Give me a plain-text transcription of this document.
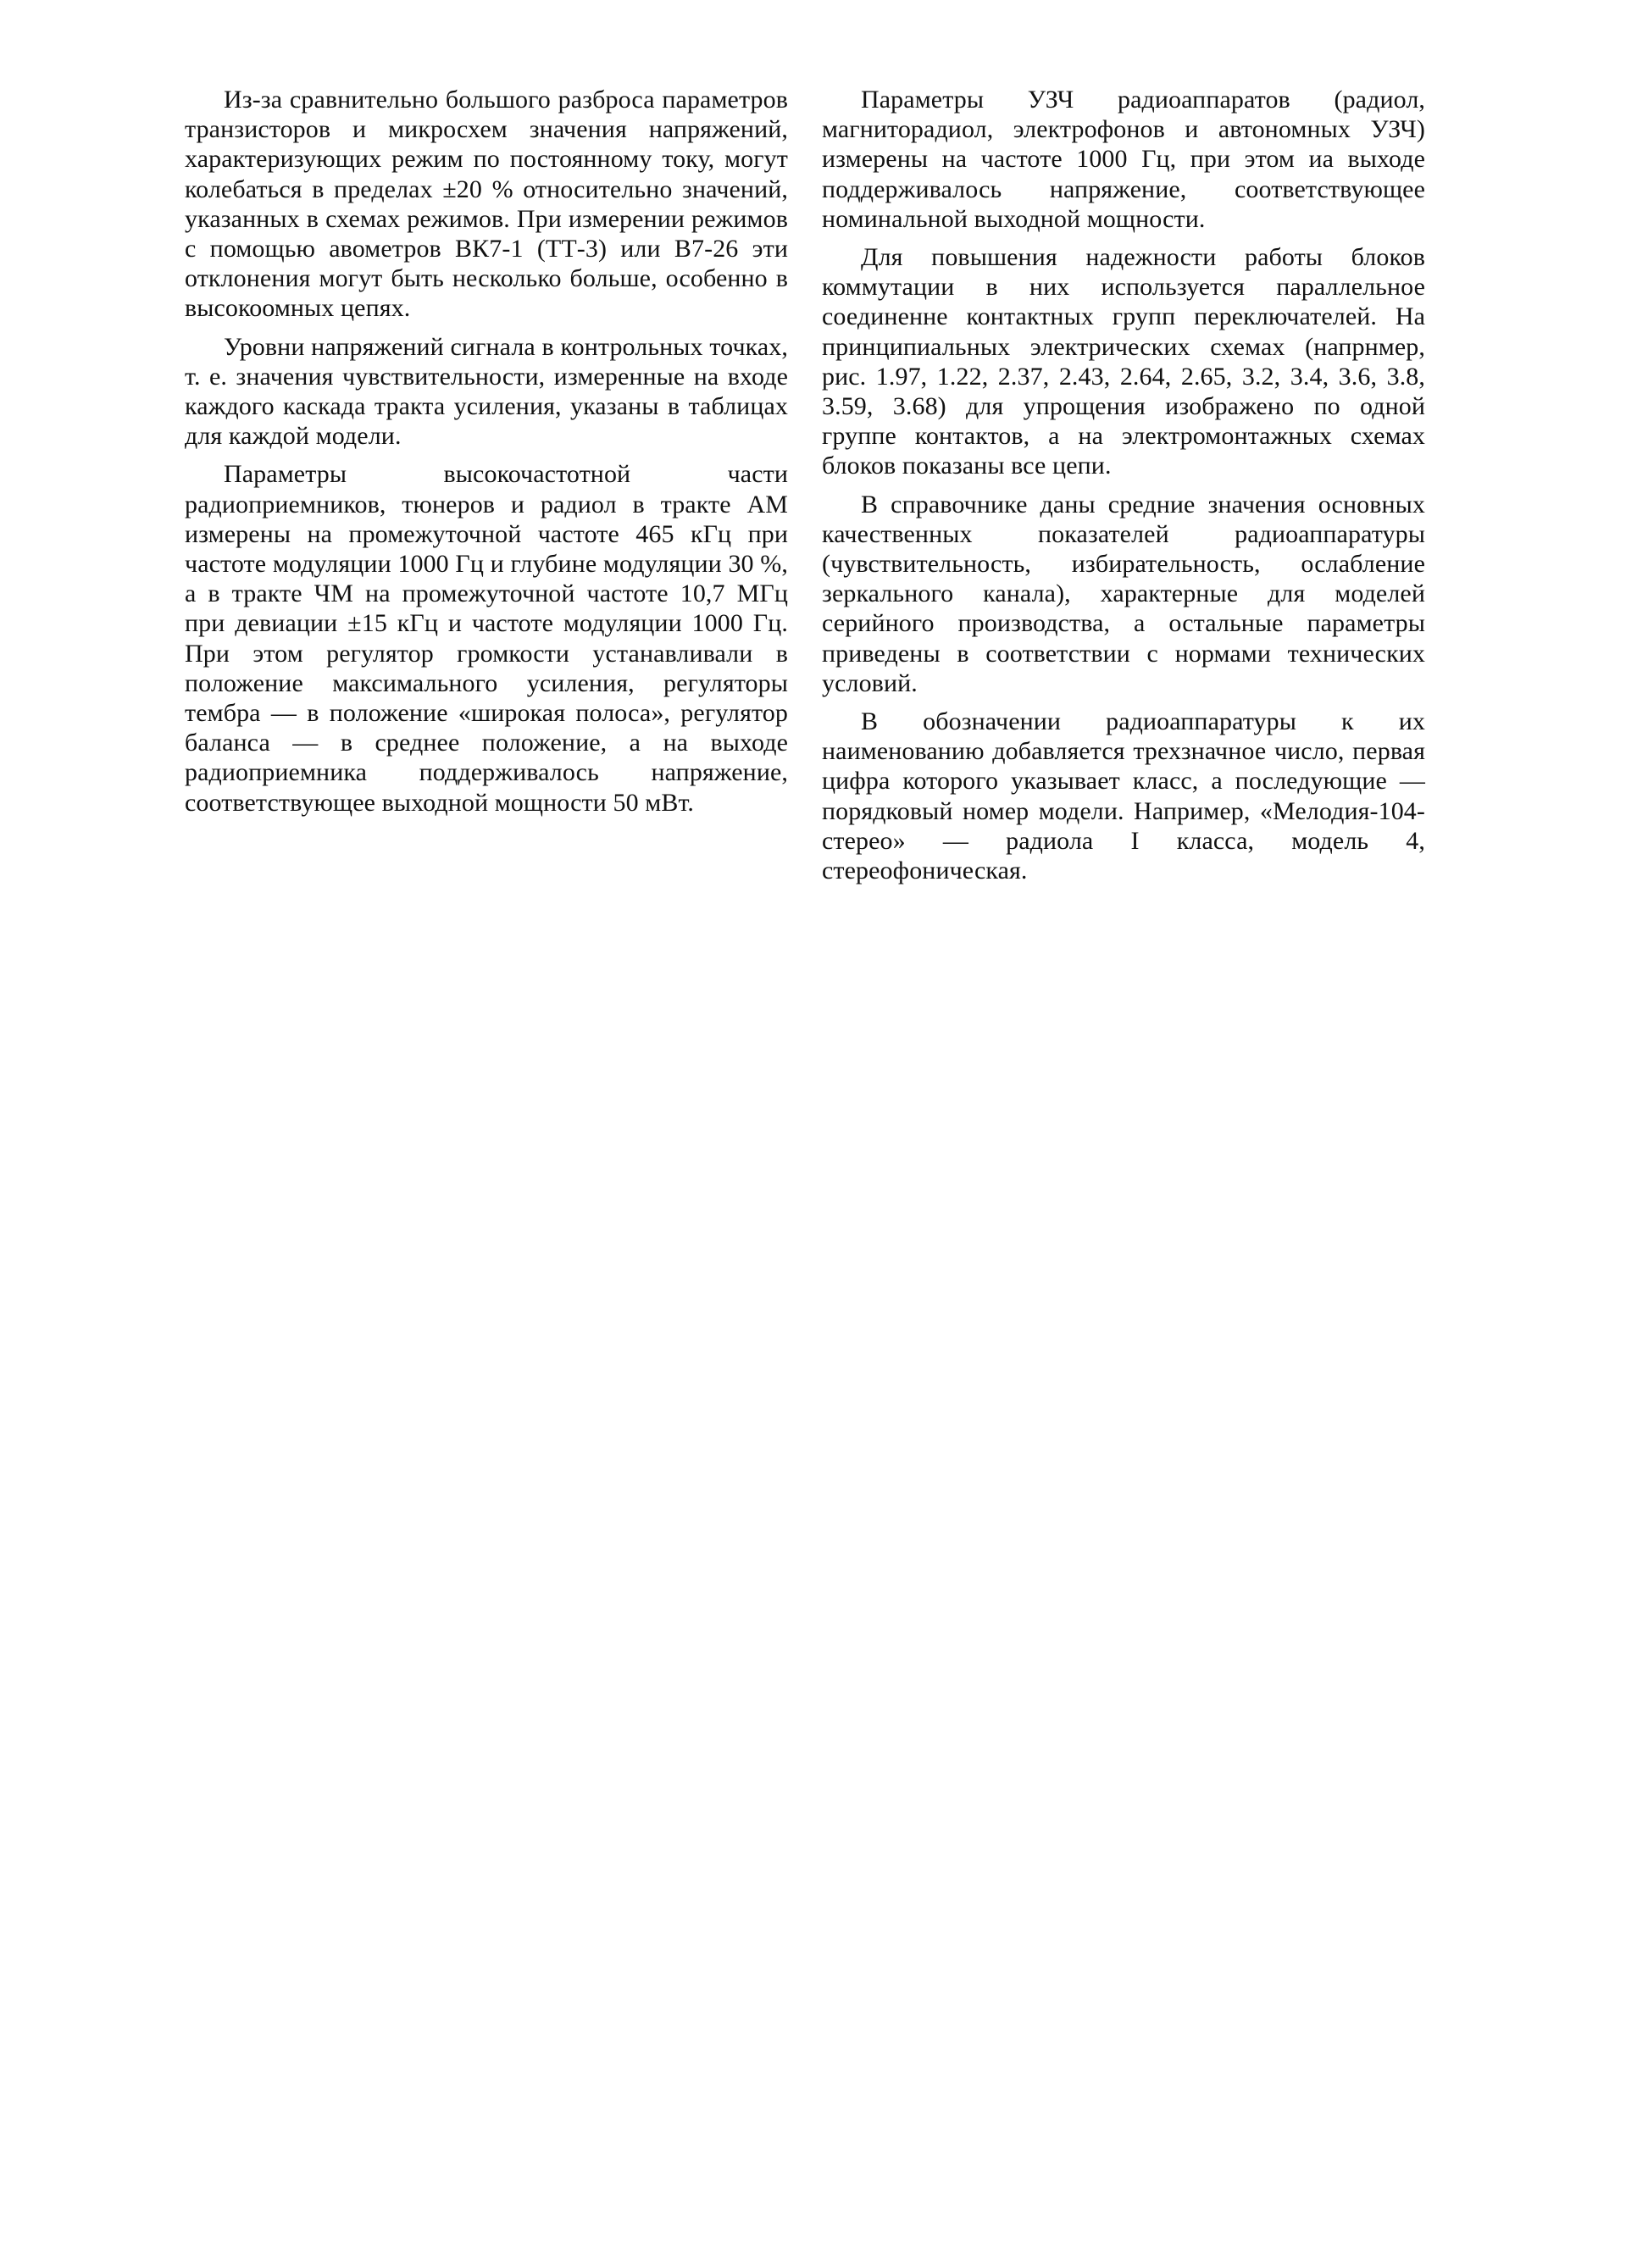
Из-за сравнительно большого разброса параметров транзисторов и микросхем значения напряжений, характеризующих режим по постоянному току, могут колебаться в пределах ±20 % относительно значений, указанных в схемах режимов. При измерении режимов с помощью авометров ВК7-1 (ТТ-3) или В7-26 эти отклонения могут быть несколько больше, особенно в высокоомных цепях.

Уровни напряжений сигнала в контрольных точках, т. е. значения чувствительности, измеренные на входе каждого каскада тракта усиления, указаны в таблицах для каждой модели.

Параметры высокочастотной части радиоприемников, тюнеров и радиол в тракте АМ измерены на промежуточной частоте 465 кГц при частоте модуляции 1000 Гц и глубине модуляции 30 %, а в тракте ЧМ на промежуточной частоте 10,7 МГц при девиации ±15 кГц и частоте модуляции 1000 Гц. При этом регулятор громкости устанавливали в положение максимального усиления, регуляторы тембра — в положение «широкая полоса», регулятор баланса — в среднее положение, а на выходе радиоприемника поддерживалось напряжение, соответствующее выходной мощности 50 мВт.

Параметры УЗЧ радиоаппаратов (радиол, магниторадиол, электрофонов и автономных УЗЧ) измерены на частоте 1000 Гц, при этом иа выходе поддерживалось напряжение, соответствующее номинальной выходной мощности.

Для повышения надежности работы блоков коммутации в них используется параллельное соединенне контактных групп переключателей. На принципиальных электрических схемах (напрнмер, рис. 1.97, 1.22, 2.37, 2.43, 2.64, 2.65, 3.2, 3.4, 3.6, 3.8, 3.59, 3.68) для упрощения изображено по одной группе контактов, а на электромонтажных схемах блоков показаны все цепи.

В справочнике даны средние значения основных качественных показателей радиоаппаратуры (чувствительность, избирательность, ослабление зеркального канала), характерные для моделей серийного производства, а остальные параметры приведены в соответствии с нормами технических условий.

В обозначении радиоаппаратуры к их наименованию добавляется трехзначное число, первая цифра которого указывает класс, а последующие — порядковый номер модели. Например, «Мелодия-104-стерео» — радиола I класса, модель 4, стереофоническая.
